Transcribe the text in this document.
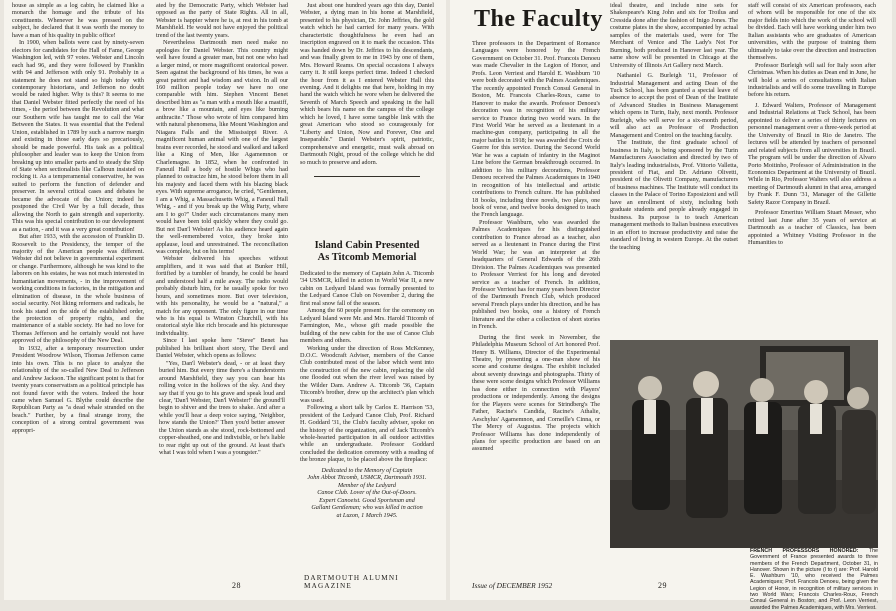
house as simple as a log cabin, he claimed like a monarch the homage and the tribute of his constituents. Whenever he was pressed on the subject, he declared that it was worth the money to have a man of his quality in public office!

In 1900, when ballots were cast by ninety-seven electors for candidates for the Hall of Fame, George Washington led, with 97 votes. Webster and Lincoln each had 96, and they were followed by Franklin with 94 and Jefferson with only 91. Probably in a statement he does not stand so high today with contemporary historians, and Jefferson no doubt would be rated higher. Why is this? It seems to me that Daniel Webster fitted perfectly the need of his times, - the period between the Revolution and what our Southern wife has taught me to call the War Between the States. It was essential that the Federal Union, established in 1789 by such a narrow margin and existing in those early days so precariously, should be made powerful. His task as a political philosopher and leader was to keep the Union from breaking up into smaller parts and to steady the Ship of State when sectionalists like Calhoun insisted on rocking it. As a temperamental conservative, he was suited to perform the function of defender and preserver. In several critical cases and debates he became the advocate of the Union; indeed he postponed the Civil War by a full decade, thus allowing the North to gain strength and superiority. This was his special contribution to our development as a nation, - and it was a very great contribution!

But after 1933, with the accession of Franklin D. Roosevelt to the Presidency, the temper of the majority of the American people was different. Webster did not believe in governmental experiment or change. Furthermore, although he was kind to the laborers on his estates, he was not much interested in humanitarian movements, - in the improvement of working conditions in factories, in the mitigation and elimination of disease, in the whole business of social security. Not liking reformers and radicals, he took his stand on the side of the established order, the protection of property rights, and the maintenance of a stable society. He had no love for Thomas Jefferson and he certainly would not have approved of the philosophy of the New Deal.

In 1932, after a temporary resurrection under President Woodrow Wilson, Thomas Jefferson came into his own. This is no place to analyze the relationship of the so-called New Deal to Jefferson and Andrew Jackson. The significant point is that for twenty years conservatism as a political principle has not found favor with the voters. Indeed the hour came when Samuel G. Blythe could describe the Republican Party as "a dead whale stranded on the beach." Further, by a final strange irony, the conception of a strong central government was appropri-

ated by the Democratic Party, which Webster had opposed as the party of State Rights. All in all, Webster is happier where he is, at rest in his tomb at Marshfield. He would not have enjoyed the political trend of the last twenty years.

Nevertheless Dartmouth men need make no apologies for Daniel Webster. This country might well have found a greater man, but not one who had a larger mind, or more magnificent oratorical power. Seen against the background of his times, he was a great patriot and had wisdom and vision. In all our 160 million people today we have no one comparable with him. Stephen Vincent Benet described him as "a man with a mouth like a mastiff, a brow like a mountain, and eyes like burning anthracite." Those who wrote of him compared him with natural phenomena, like Mount Washington and Niagara Falls and the Mississippi River. A magnificent human animal with one of the largest brains ever recorded, he stood and walked and talked like a King of Men, like Agamemnon or Charlemagne. In 1852, when he confronted in Faneuil Hall a body of hostile Whigs who had planned to ostracize him, he stood before them in all his majesty and faced them with his blazing black eyes. With supreme arrogance, he cried, "Gentlemen, I am a Whig, a Massachusetts Whig, a Faneuil Hall Whig, - and if you break up the Whig Party, where am I to go?" Under such circumstances many men would have been told quickly where they could go. But not Dan'l Webster! As his audience heard again the well-remembered voice, they broke into applause, loud and unrestrained. The reconciliation was complete, but on his terms!

Webster delivered his speeches without amplifiers, and it was said that at Bunker Hill, fortified by a tumbler of brandy, he could be heard and understood half a mile away. The radio would probably disturb him, for he usually spoke for two hours, and sometimes more. But over television, with his personality, he would be a "natural," a match for any opponent. The only figure in our time who is his equal is Winston Churchill, with his oratorical style like rich brocade and his picturesque individuality.

Since I last spoke here "Steve" Benet has published his brilliant short story, The Devil and Daniel Webster, which opens as follows:

"Yes, Dan'l Webster's dead, - or at least they buried him. But every time there's a thunderstorm around Marshfield, they say you can hear his rolling voice in the hollows of the sky. And they say that if you go to his grave and speak loud and clear, 'Dan'l Webster, Dan'l Webster!' the ground'll begin to shiver and the trees to shake. And after a while you'll hear a deep voice saying, 'Neighbor, how stands the Union?' Then you'd better answer the Union stands as she stood, rock-bottomed and copper-sheathed, one and indivisible, or he's liable to rear right up out of the ground. At least that's what I was told when I was a youngster."

Just about one hundred years ago this day, Daniel Webster, a dying man in his home at Marshfield, presented to his physician, Dr. John Jeffries, the gold watch which he had carried for many years. With characteristic thoughtfulness he even had an inscription engraved on it to mark the occasion. This was handed down by Dr. Jeffries to his descendants, and was finally given to me in 1943 by one of them, Mrs. Howard Reams. On special occasions I always carry it. It still keeps perfect time. Indeed I checked the hour from it as I entered Webster Hall this evening. And it delights me that here, holding in my hand the watch which he wore when he delivered the Seventh of March Speech and speaking in the hall which bears his name on the campus of the college which he loved, I have some tangible link with the great American who stood so courageously for "Liberty and Union, Now and Forever, One and Inseparable." Daniel Webster's spirit, patriotic, comprehensive and energetic, must walk abroad on Dartmouth Night, proud of the college which he did so much to preserve and adorn.

Island Cabin Presented
As Titcomb Memorial

Dedicated to the memory of Captain John A. Titcomb '34 USMCR, killed in action in World War II, a new cabin on Ledyard Island was formally presented to the Ledyard Canoe Club on November 2, during the first real snow fall of the season.

Among the 60 people present for the ceremony on Ledyard Island were Mr. and Mrs. Harold Titcomb of Farmington, Me., whose gift made possible the building of the new cabin for the use of Canoe Club members and others.

Working under the direction of Ross McKenney, D.O.C. Woodcraft Adviser, members of the Canoe Club contributed most of the labor which went into the construction of the new cabin, replacing the old one flooded out when the river level was raised by the Wilder Dam. Andrew A. Titcomb '36, Captain Titcomb's brother, drew up the architect's plan which was used.

Following a short talk by Carlos E. Harrison '53, president of the Ledyard Canoe Club, Prof. Richard H. Goddard '31, the Club's faculty adviser, spoke on the history of the organization, and of Jack Titcomb's whole-hearted participation in all outdoor activities while an undergraduate. Professor Goddard concluded the dedication ceremony with a reading of the bronze plaque, to be placed above the fireplace:

Dedicated to the Memory of Captain
John Abbot Titcomb, USMCR, Dartmouth 1931. Member of the Ledyard
Canoe Club. Lover of the Out-of-Doors.
Expert Canoeist. Good Sportsman and
Gallant Gentleman; who was killed in action
at Luzon, 1 March 1945.
28
DARTMOUTH ALUMNI MAGAZINE
The Faculty

Three professors in the Department of Romance Languages were honored by the French Government on October 31. Prof. Francois Denoeu was made Chevalier in the Legion of Honor, and Profs. Leon Verriest and Harold E. Washburn '10 were both decorated with the Palmes Academiques. The recently appointed French Consul General in Boston, Mr. Francois Charles-Roux, came to Hanover to make the awards. Professor Denoeu's decoration was in recognition of his military service to France during two world wars. In the First World War he served as a lieutenant in a machine-gun company, participating in all the major battles in 1918; he was awarded the Croix de Guerre for this service. During the Second World War he was a captain of infantry in the Maginot Line before the German breakthrough occurred. In addition to his military decorations, Professor Denoeu received the Palmes Academiques in 1940 in recognition of his intellectual and artistic contributions to French culture. He has published 18 books, including three novels, two plays, one book of verse, and twelve books designed to teach the French language.

Professor Washburn, who was awarded the Palmes Academiques for his distinguished contribution to France abroad as a teacher, also served as a lieutenant in France during the First World War; he was an interpreter at the headquarters of General Edwards of the 26th Division. The Palmes Academiques was presented to Professor Verriest for his long and devoted service as a teacher of French. In addition, Professor Verriest has for many years been Director of the Dartmouth French Club, which produced several French plays under his direction, and he has published two books, one a history of French literature and the other a collection of short stories in French.

During the first week in November, the Philadelphia Museum School of Art honored Prof. Henry B. Williams, Director of the Experimental Theatre, by presenting a one-man show of his scene and costume designs. The exhibit included about seventy drawings and photographs. Thirty of these were scene designs which Professor Williams has done either in connection with Players' productions or independently. Among the designs for the Players were scenes for Strindberg's The Father, Racine's Candida, Racine's Athalie, Aeschylus' Agamemnon, and Corneille's Cinna, or The Mercy of Augustus. The projects which Professor Williams has done independently of plans for specific production are based on an assumed

ideal theatre, and include nine sets for Shakespeare's King John and six for Troilus and Cressida done after the fashion of Inigo Jones. The costume plates in the show, accompanied by actual samples of the materials used, were for The Merchant of Venice and The Lady's Not For Burning, both produced in Hanover last year. The same show will be presented in Chicago at the University of Illinois Art Gallery next March.

Nathaniel G. Burleigh '11, Professor of Industrial Management and acting Dean of the Tuck School, has been granted a special leave of absence to accept the post of Dean of the Institute of Advanced Studies in Business Management which opens in Turin, Italy, next month. Professor Burleigh, who will serve for a six-month period, will also act as Professor of Production Management and Control on the teaching faculty.

The Institute, the first graduate school of business in Italy, is being sponsored by the Turin Manufacturers Association and directed by two of Italy's leading industrialists, Prof. Vittorio Valletta, president of Fiat, and Dr. Adriano Olivetti, president of the Olivetti Company, manufacturers of business machines. The Institute will conduct its classes in the Palace of Torino Esposizioni and will have an enrollment of sixty, including both graduate students and people already engaged in business. Its purpose is to teach American management methods to Italian business executives in an effort to increase productivity and raise the standard of living in western Europe. At the outset the teaching

staff will consist of six American professors, each of whom will be responsible for one of the six major fields into which the work of the school will be divided. Each will have working under him two Italian assistants who are graduates of American universities, with the purpose of training them ultimately to take over the direction and instruction themselves.

Professor Burleigh will sail for Italy soon after Christmas. When his duties as Dean end in June, he will hold a series of consultations with Italian industrialists and will do some travelling in Europe before his return.

J. Edward Walters, Professor of Management and Industrial Relations at Tuck School, has been appointed to deliver a series of thirty lectures on personnel management over a three-week period at the University of Brazil in Rio de Janeiro. The lectures will be attended by teachers of personnel and related subjects from all universities in Brazil. The program will be under the direction of Alvaro Porto Moitinho, Professor of Administration in the Economics Department at the University of Brazil. While in Rio, Professor Walters will also address a meeting of Dartmouth alumni in that area, arranged by Frank F. Dunn '31, Manager of the Gillette Safety Razor Company in Brazil.

Professor Emeritus William Stuart Messer, who retired last June after 35 years of service at Dartmouth as a teacher of Classics, has been appointed a Whitney Visiting Professor in the Humanities to

FRENCH PROFESSORS HONORED: The Government of France presented awards to three members of the French Department, October 31, in Hanover. Shown in the picture (l to r) are: Prof. Harold E. Washburn '10, who received the Palmes Academiques; Prof. Francois Denoeu, being given the Legion of Honor, in recognition of military services in two World Wars; Francois Charles-Roux, French Consul General in Boston; and Prof. Leon Verriest, awarded the Palmes Academiques, with Mrs. Verriest.
Issue of DECEMBER 1952	29
